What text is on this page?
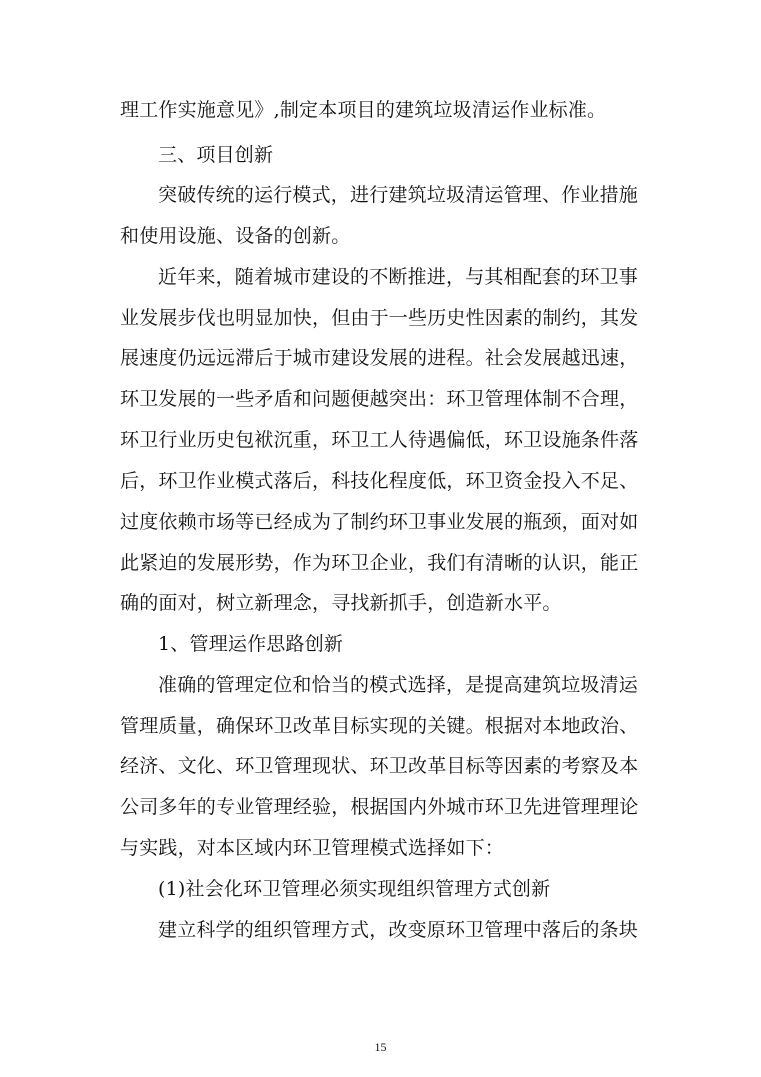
理工作实施意见》,制定本项目的建筑垃圾清运作业标准。
三、项目创新
突破传统的运行模式，进行建筑垃圾清运管理、作业措施
和使用设施、设备的创新。
近年来，随着城市建设的不断推进，与其相配套的环卫事
业发展步伐也明显加快，但由于一些历史性因素的制约，其发
展速度仍远远滞后于城市建设发展的进程。社会发展越迅速，
环卫发展的一些矛盾和问题便越突出：环卫管理体制不合理，
环卫行业历史包袱沉重，环卫工人待遇偏低，环卫设施条件落
后，环卫作业模式落后，科技化程度低，环卫资金投入不足、
过度依赖市场等已经成为了制约环卫事业发展的瓶颈，面对如
此紧迫的发展形势，作为环卫企业，我们有清晰的认识，能正
确的面对，树立新理念，寻找新抓手，创造新水平。
1、管理运作思路创新
准确的管理定位和恰当的模式选择，是提高建筑垃圾清运
管理质量，确保环卫改革目标实现的关键。根据对本地政治、
经济、文化、环卫管理现状、环卫改革目标等因素的考察及本
公司多年的专业管理经验，根据国内外城市环卫先进管理理论
与实践，对本区域内环卫管理模式选择如下：
(1)社会化环卫管理必须实现组织管理方式创新
建立科学的组织管理方式，改变原环卫管理中落后的条块
15
